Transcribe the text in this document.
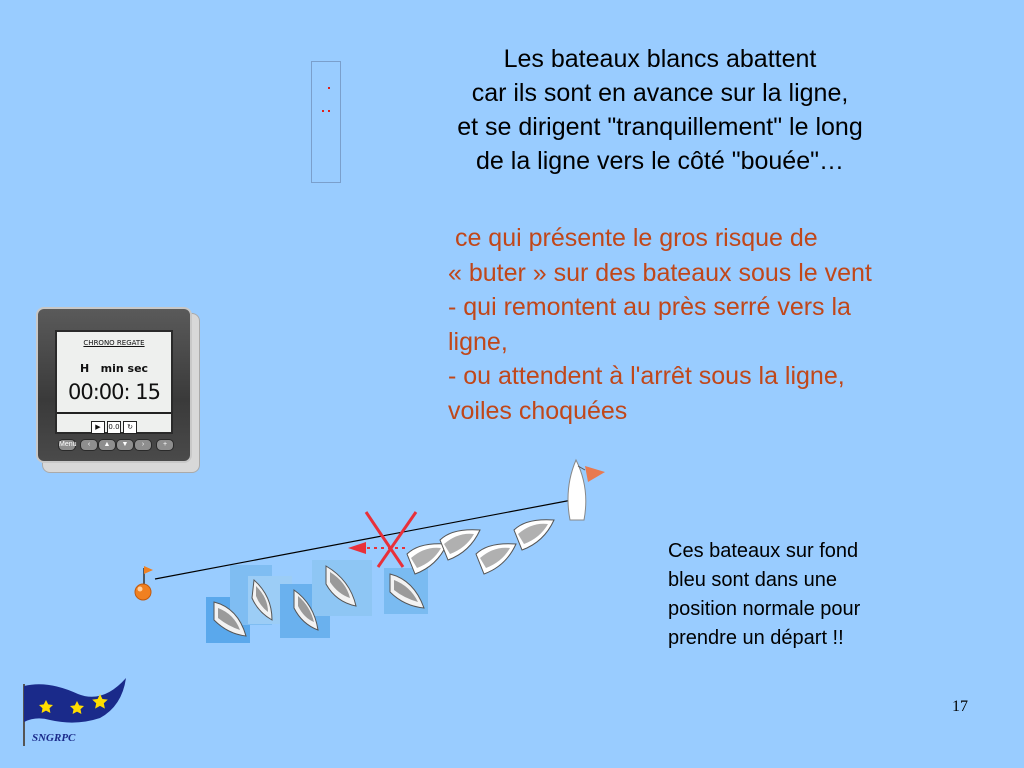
Les bateaux blancs abattent
car ils sont en avance sur la ligne,
et se dirigent "tranquillement" le long
de la ligne vers le côté "bouée"…
ce qui présente le gros risque de
« buter » sur des bateaux sous le vent
- qui remontent au près serré vers la
ligne,
- ou attendent à l'arrêt sous la ligne,
voiles choquées
CHRONO REGATE
H   min sec
00:00: 15
▶ 0.0 ↻
Menu	‹	▲	▼	›	+
Ces bateaux sur fond
bleu sont dans une
position normale pour
prendre un départ !!
SNGRPC
17
